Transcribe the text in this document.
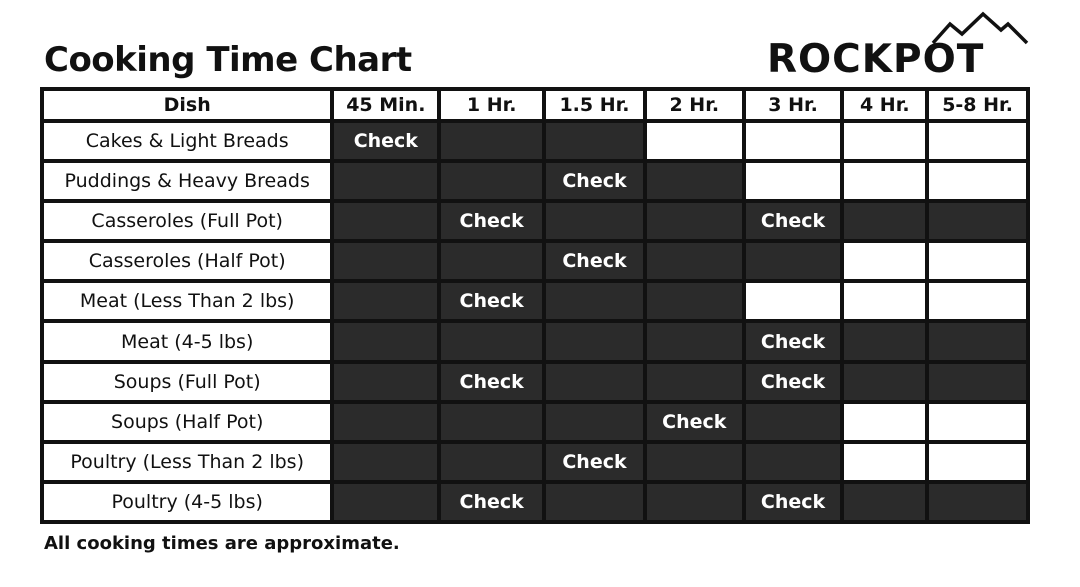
Cooking Time Chart	ROCKPOT
Dish	45 Min.	1 Hr.	1.5 Hr.	2 Hr.	3 Hr.	4 Hr.	5-8 Hr.
Cakes & Light Breads	Check						
Puddings & Heavy Breads			Check				
Casseroles (Full Pot)		Check			Check		
Casseroles (Half Pot)			Check				
Meat (Less Than 2 lbs)		Check					
Meat (4-5 lbs)					Check		
Soups (Full Pot)		Check			Check		
Soups (Half Pot)				Check			
Poultry (Less Than 2 lbs)			Check				
Poultry (4-5 lbs)		Check			Check		
All cooking times are approximate.
